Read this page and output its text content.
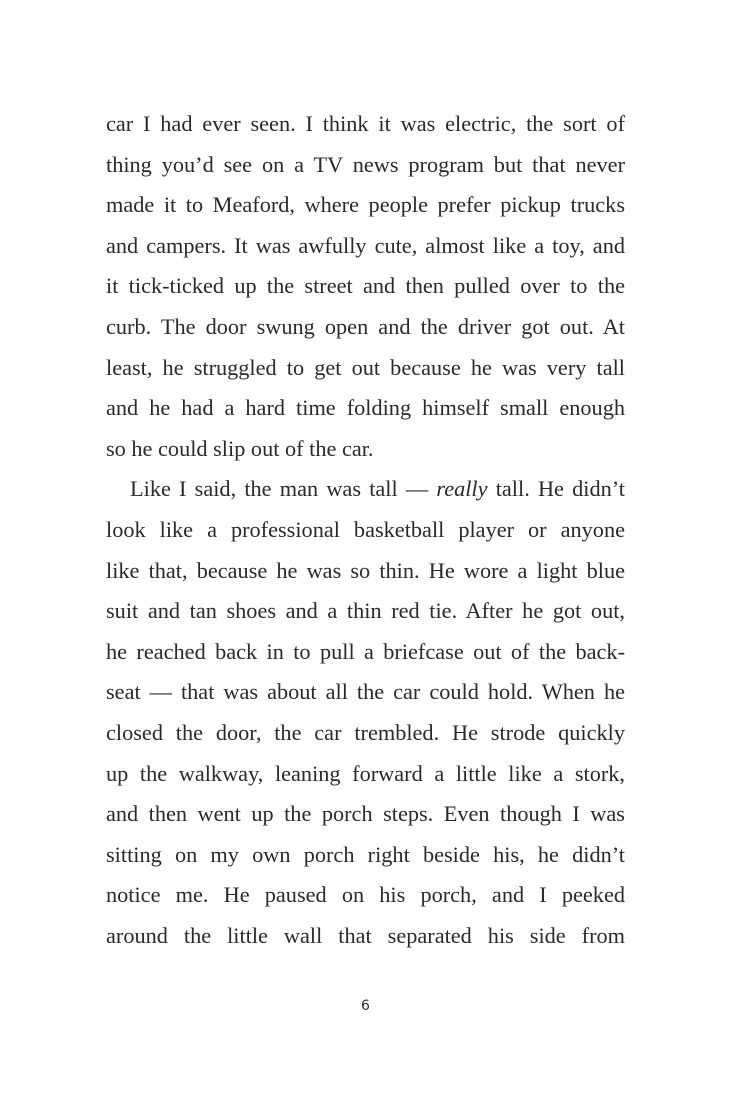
car I had ever seen. I think it was electric, the sort of
thing you’d see on a TV news program but that never
made it to Meaford, where people prefer pickup trucks
and campers. It was awfully cute, almost like a toy, and
it tick-ticked up the street and then pulled over to the
curb. The door swung open and the driver got out. At
least, he struggled to get out because he was very tall
and he had a hard time folding himself small enough
so he could slip out of the car.
Like I said, the man was tall — really tall. He didn’t
look like a professional basketball player or anyone
like that, because he was so thin. He wore a light blue
suit and tan shoes and a thin red tie. After he got out,
he reached back in to pull a briefcase out of the back-
seat — that was about all the car could hold. When he
closed the door, the car trembled. He strode quickly
up the walkway, leaning forward a little like a stork,
and then went up the porch steps. Even though I was
sitting on my own porch right beside his, he didn’t
notice me. He paused on his porch, and I peeked
around the little wall that separated his side from
6
